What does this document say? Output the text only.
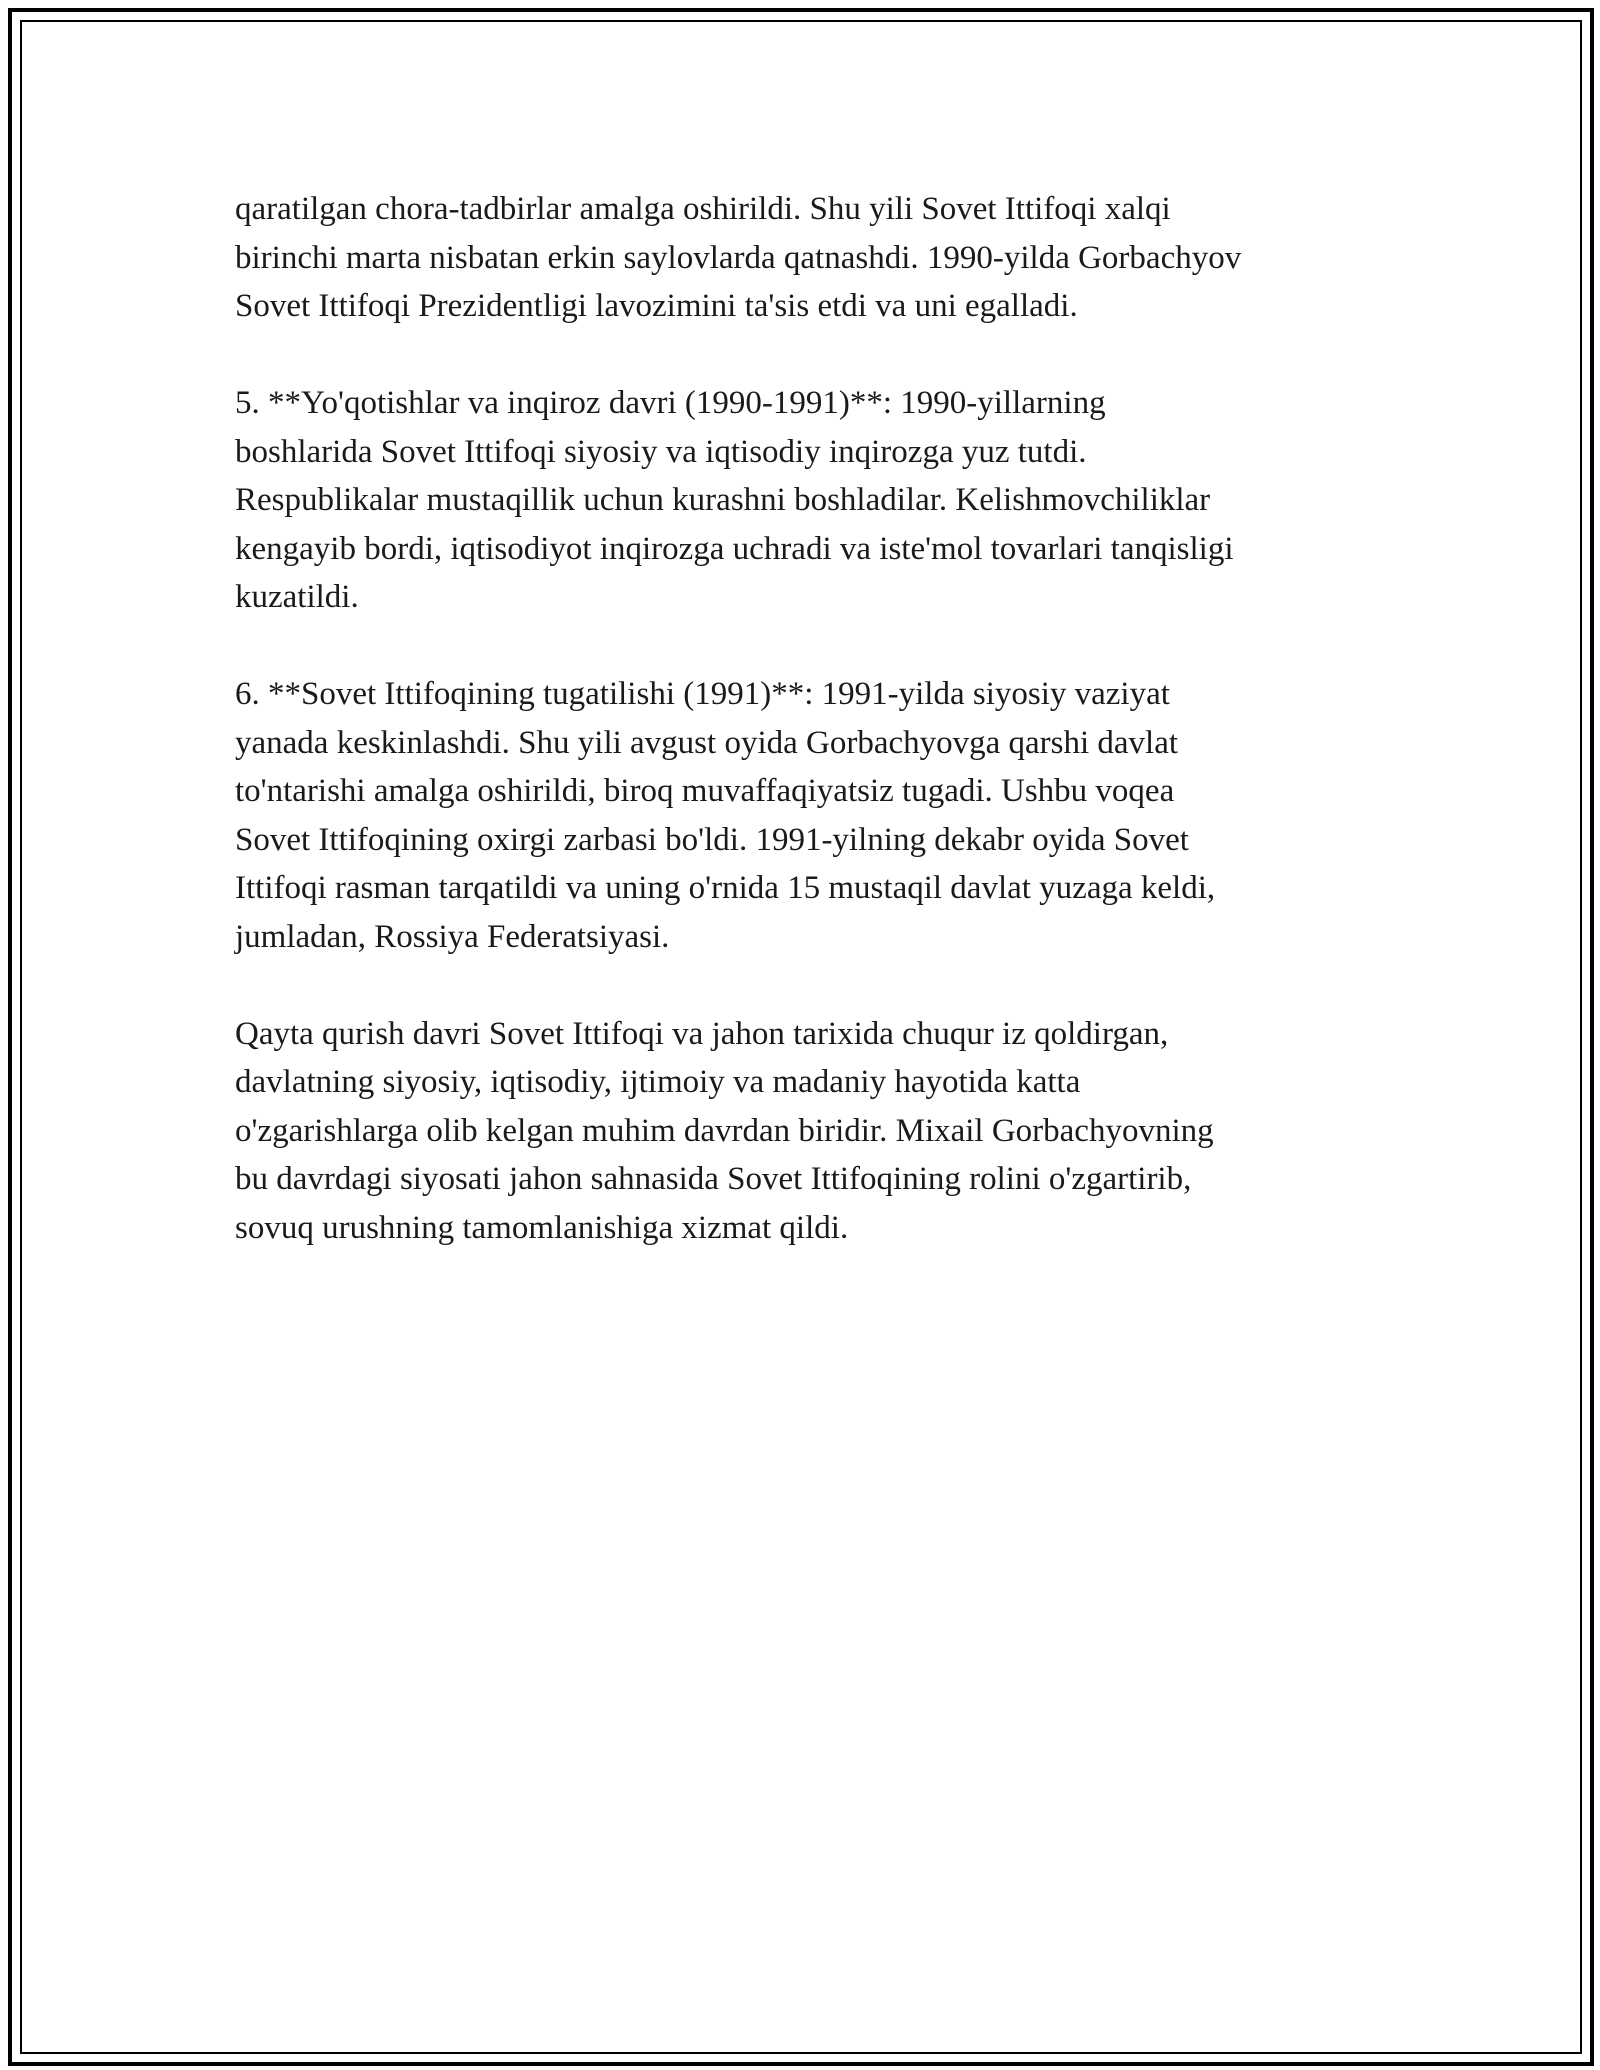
qaratilgan chora-tadbirlar amalga oshirildi. Shu yili Sovet Ittifoqi xalqi
birinchi marta nisbatan erkin saylovlarda qatnashdi. 1990-yilda Gorbachyov
Sovet Ittifoqi Prezidentligi lavozimini ta'sis etdi va uni egalladi.

5. **Yo'qotishlar va inqiroz davri (1990-1991)**: 1990-yillarning
boshlarida Sovet Ittifoqi siyosiy va iqtisodiy inqirozga yuz tutdi.
Respublikalar mustaqillik uchun kurashni boshladilar. Kelishmovchiliklar
kengayib bordi, iqtisodiyot inqirozga uchradi va iste'mol tovarlari tanqisligi
kuzatildi.

6. **Sovet Ittifoqining tugatilishi (1991)**: 1991-yilda siyosiy vaziyat
yanada keskinlashdi. Shu yili avgust oyida Gorbachyovga qarshi davlat
to'ntarishi amalga oshirildi, biroq muvaffaqiyatsiz tugadi. Ushbu voqea
Sovet Ittifoqining oxirgi zarbasi bo'ldi. 1991-yilning dekabr oyida Sovet
Ittifoqi rasman tarqatildi va uning o'rnida 15 mustaqil davlat yuzaga keldi,
jumladan, Rossiya Federatsiyasi.

Qayta qurish davri Sovet Ittifoqi va jahon tarixida chuqur iz qoldirgan,
davlatning siyosiy, iqtisodiy, ijtimoiy va madaniy hayotida katta
o'zgarishlarga olib kelgan muhim davrdan biridir. Mixail Gorbachyovning
bu davrdagi siyosati jahon sahnasida Sovet Ittifoqining rolini o'zgartirib,
sovuq urushning tamomlanishiga xizmat qildi.
